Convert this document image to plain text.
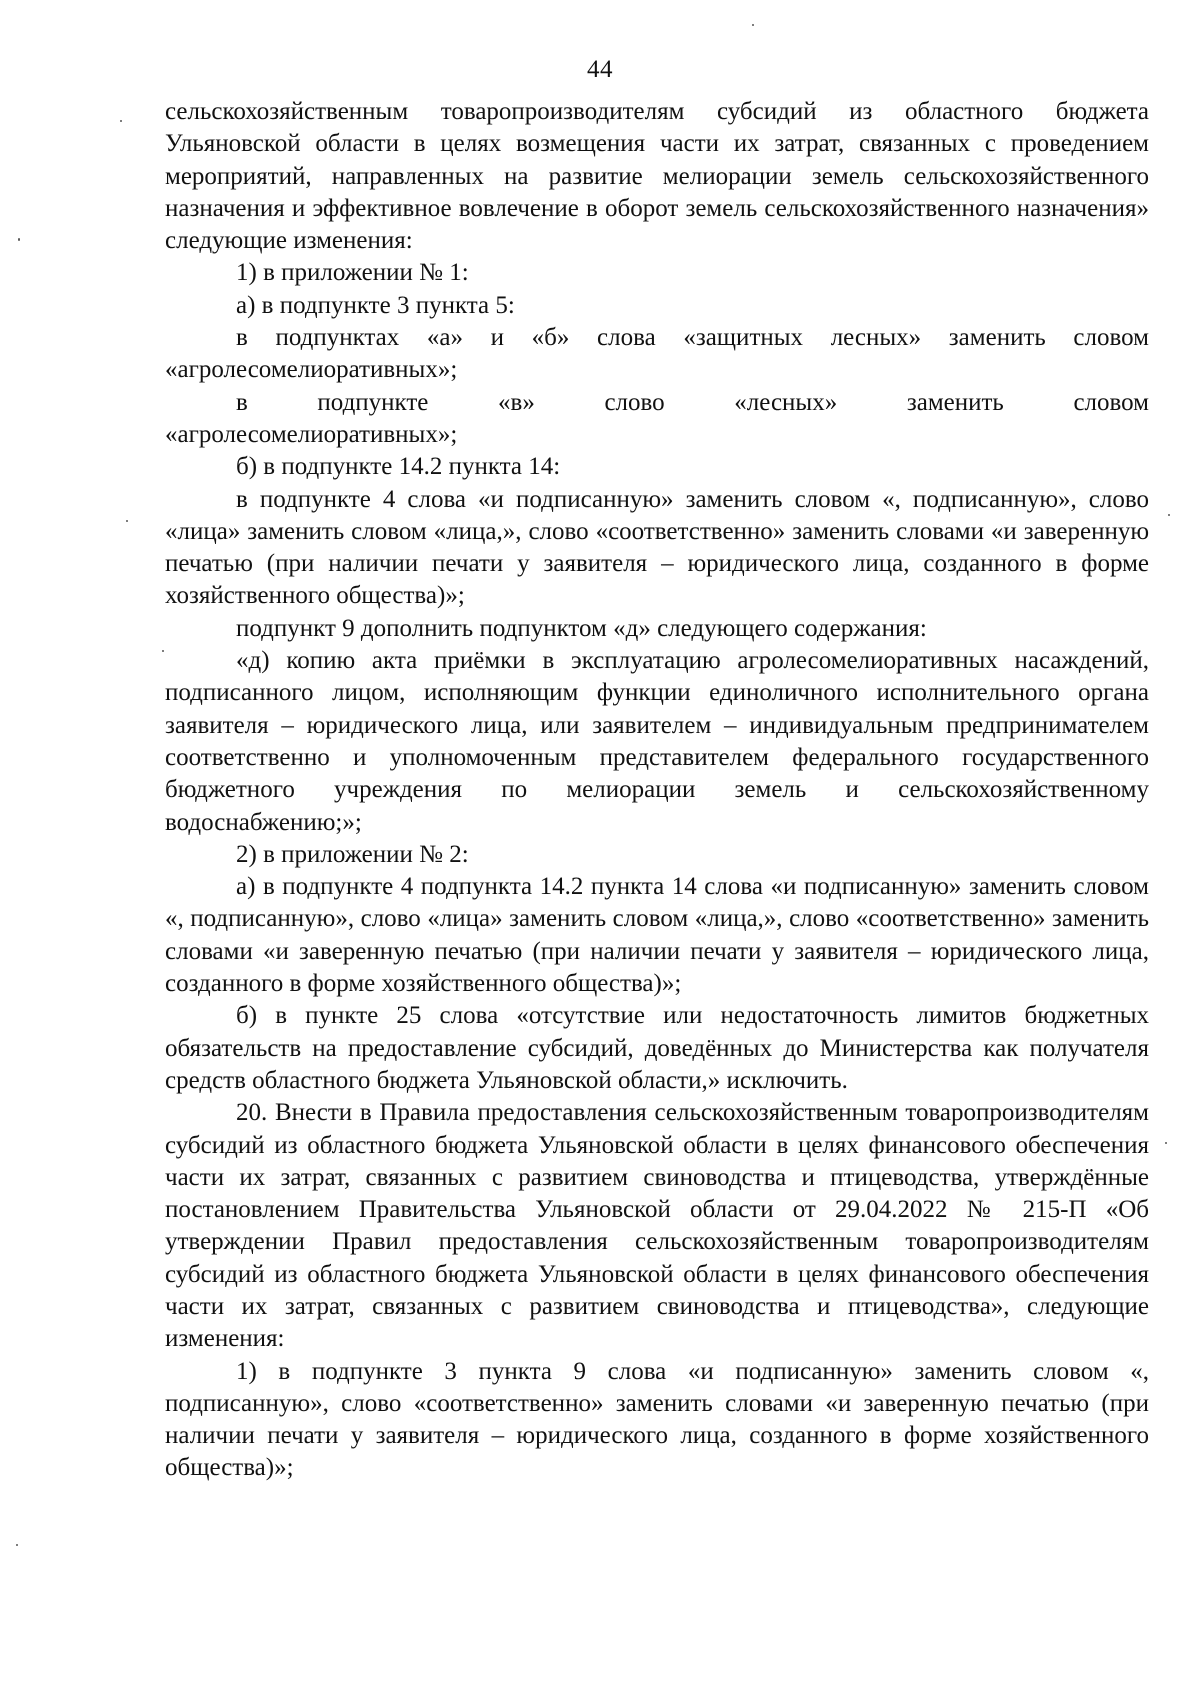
44

сельскохозяйственным товаропроизводителям субсидий из областного бюджета Ульяновской области в целях возмещения части их затрат, связанных с проведением мероприятий, направленных на развитие мелиорации земель сельскохозяйственного назначения и эффективное вовлечение в оборот земель сельскохозяйственного назначения» следующие изменения:

1) в приложении № 1:

а) в подпункте 3 пункта 5:

в подпунктах «а» и «б» слова «защитных лесных» заменить словом «агролесомелиоративных»;

в подпункте «в» слово «лесных» заменить словом

«агролесомелиоративных»;

б) в подпункте 14.2 пункта 14:

в подпункте 4 слова «и подписанную» заменить словом «, подписанную», слово «лица» заменить словом «лица,», слово «соответственно» заменить словами «и заверенную печатью (при наличии печати у заявителя – юридического лица, созданного в форме хозяйственного общества)»;

подпункт 9 дополнить подпунктом «д» следующего содержания:

«д) копию акта приёмки в эксплуатацию агролесомелиоративных насаждений, подписанного лицом, исполняющим функции единоличного исполнительного органа заявителя – юридического лица, или заявителем – индивидуальным предпринимателем соответственно и уполномоченным представителем федерального государственного бюджетного учреждения по мелиорации земель и сельскохозяйственному водоснабжению;»;

2) в приложении № 2:

а) в подпункте 4 подпункта 14.2 пункта 14 слова «и подписанную» заменить словом «, подписанную», слово «лица» заменить словом «лица,», слово «соответственно» заменить словами «и заверенную печатью (при наличии печати у заявителя – юридического лица, созданного в форме хозяйственного общества)»;

б) в пункте 25 слова «отсутствие или недостаточность лимитов бюджетных обязательств на предоставление субсидий, доведённых до Министерства как получателя средств областного бюджета Ульяновской области,» исключить.

20. Внести в Правила предоставления сельскохозяйственным товаропроизводителям субсидий из областного бюджета Ульяновской области в целях финансового обеспечения части их затрат, связанных с развитием свиноводства и птицеводства, утверждённые постановлением Правительства Ульяновской области от 29.04.2022 № 215-П «Об утверждении Правил предоставления сельскохозяйственным товаропроизводителям субсидий из областного бюджета Ульяновской области в целях финансового обеспечения части их затрат, связанных с развитием свиноводства и птицеводства», следующие изменения:

1) в подпункте 3 пункта 9 слова «и подписанную» заменить словом «, подписанную», слово «соответственно» заменить словами «и заверенную печатью (при наличии печати у заявителя – юридического лица, созданного в форме хозяйственного общества)»;
